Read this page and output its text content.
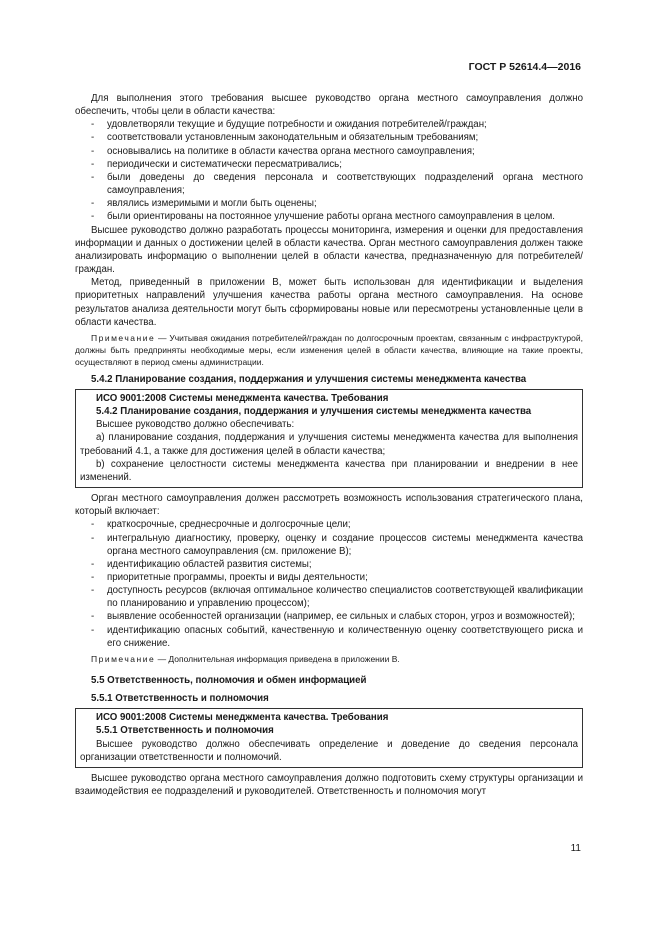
ГОСТ Р 52614.4—2016

Для выполнения этого требования высшее руководство органа местного самоуправления должно обеспечить, чтобы цели в области качества:

- удовлетворяли текущие и будущие потребности и ожидания потребителей/граждан;

- соответствовали установленным законодательным и обязательным требованиям;

- основывались на политике в области качества органа местного самоуправления;

- периодически и систематически пересматривались;

- были доведены до сведения персонала и соответствующих подразделений органа местного самоуправления;

- являлись измеримыми и могли быть оценены;

- были ориентированы на постоянное улучшение работы органа местного самоуправления в целом.

Высшее руководство должно разработать процессы мониторинга, измерения и оценки для предоставления информации и данных о достижении целей в области качества. Орган местного самоуправления должен также анализировать информацию о выполнении целей в области качества, предназначенную для потребителей/граждан.

Метод, приведенный в приложении В, может быть использован для идентификации и выделения приоритетных направлений улучшения качества работы органа местного самоуправления. На основе результатов анализа деятельности могут быть сформированы новые или пересмотрены установленные цели в области качества.

Примечание — Учитывая ожидания потребителей/граждан по долгосрочным проектам, связанным с инфраструктурой, должны быть предприняты необходимые меры, если изменения целей в области качества, влияющие на такие проекты, осуществляют в период смены администрации.

5.4.2 Планирование создания, поддержания и улучшения системы менеджмента качества

ИСО 9001:2008 Системы менеджмента качества. Требования

5.4.2 Планирование создания, поддержания и улучшения системы менеджмента качества

Высшее руководство должно обеспечивать:

а) планирование создания, поддержания и улучшения системы менеджмента качества для выполнения требований 4.1, а также для достижения целей в области качества;

b) сохранение целостности системы менеджмента качества при планировании и внедрении в нее изменений.

Орган местного самоуправления должен рассмотреть возможность использования стратегического плана, который включает:

- краткосрочные, среднесрочные и долгосрочные цели;

- интегральную диагностику, проверку, оценку и создание процессов системы менеджмента качества органа местного самоуправления (см. приложение В);

- идентификацию областей развития системы;

- приоритетные программы, проекты и виды деятельности;

- доступность ресурсов (включая оптимальное количество специалистов соответствующей квалификации по планированию и управлению процессом);

- выявление особенностей организации (например, ее сильных и слабых сторон, угроз и возможностей);

- идентификацию опасных событий, качественную и количественную оценку соответствующего риска и его снижение.

Примечание — Дополнительная информация приведена в приложении В.

5.5 Ответственность, полномочия и обмен информацией

5.5.1 Ответственность и полномочия

ИСО 9001:2008 Системы менеджмента качества. Требования

5.5.1 Ответственность и полномочия

Высшее руководство должно обеспечивать определение и доведение до сведения персонала организации ответственности и полномочий.

Высшее руководство органа местного самоуправления должно подготовить схему структуры организации и взаимодействия ее подразделений и руководителей. Ответственность и полномочия могут

11
